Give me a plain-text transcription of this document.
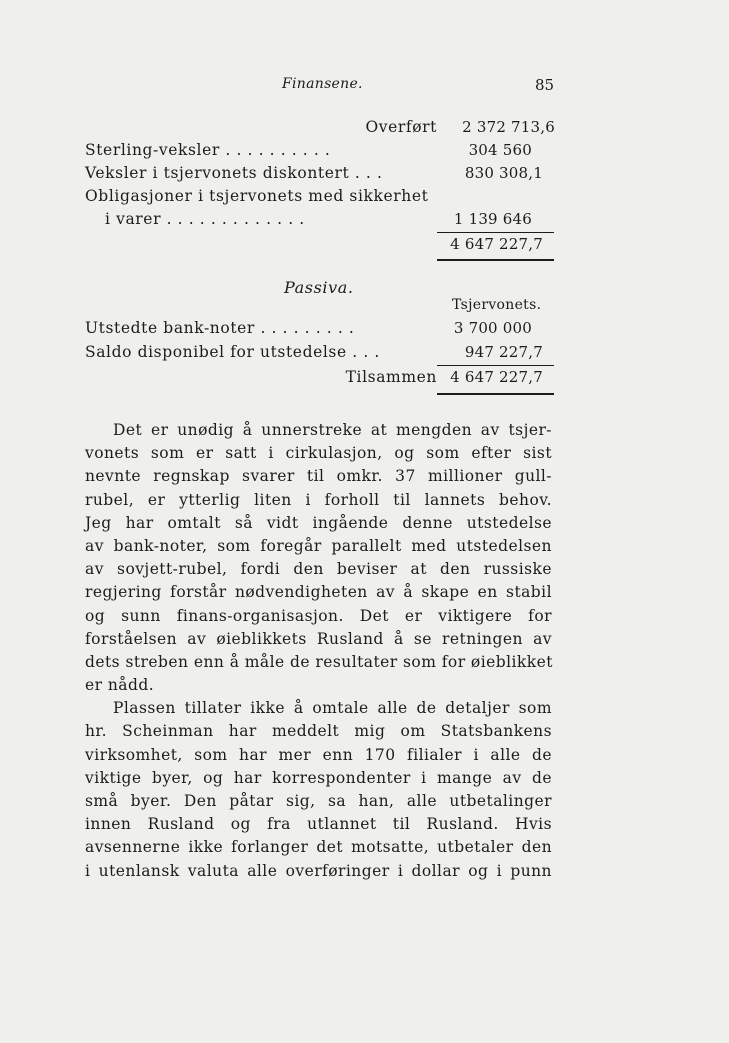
Finansene.	85
Overført 2 372 713,6
Sterling-veksler . . . . . . . . . .	304 560
Veksler i tsjervonets diskontert . . .	830 308,1
Obligasjoner i tsjervonets med sikkerhet
i varer . . . . . . . . . . . . .	1 139 646
4 647 227,7
Passiva.
Tsjervonets.
Utstedte bank-noter . . . . . . . . .	3 700 000
Saldo disponibel for utstedelse . . .	947 227,7
Tilsammen 4 647 227,7
Det er unødig å unnerstreke at mengden av tsjer-
vonets som er satt i cirkulasjon, og som efter sist
nevnte regnskap svarer til omkr. 37 millioner gull-
rubel, er ytterlig liten i forholl til lannets behov.
Jeg har omtalt så vidt ingående denne utstedelse
av bank-noter, som foregår parallelt med utstedelsen
av sovjett-rubel, fordi den beviser at den russiske
regjering forstår nødvendigheten av å skape en stabil
og sunn finans-organisasjon. Det er viktigere for
forståelsen av øieblikkets Rusland å se retningen av
dets streben enn å måle de resultater som for øieblikket
er nådd.
Plassen tillater ikke å omtale alle de detaljer som
hr. Scheinman har meddelt mig om Statsbankens
virksomhet, som har mer enn 170 filialer i alle de
viktige byer, og har korrespondenter i mange av de
små byer. Den påtar sig, sa han, alle utbetalinger
innen Rusland og fra utlannet til Rusland. Hvis
avsennerne ikke forlanger det motsatte, utbetaler den
i utenlansk valuta alle overføringer i dollar og i punn
